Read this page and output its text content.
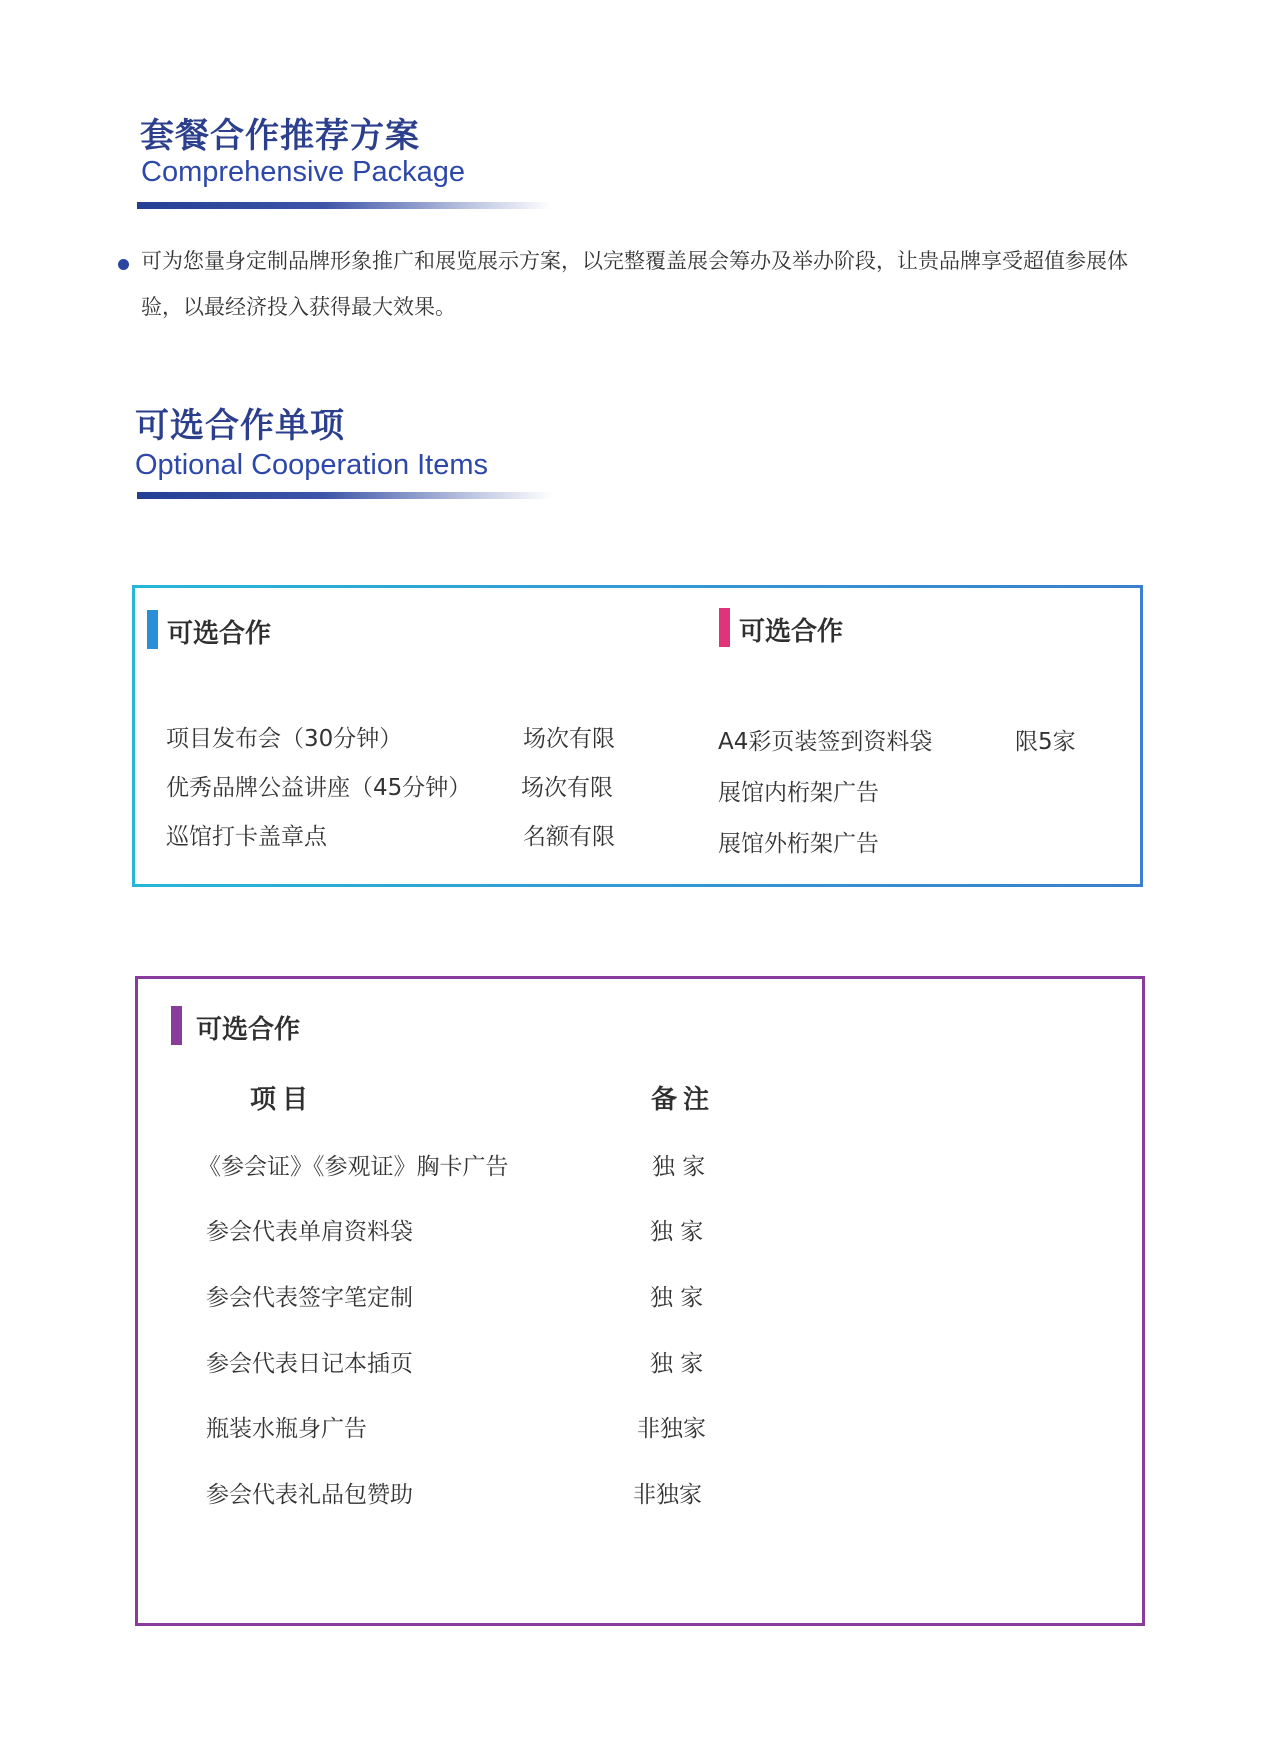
套餐合作推荐方案
Comprehensive Package
可为您量身定制品牌形象推广和展览展示方案，以完整覆盖展会筹办及举办阶段，让贵品牌享受超值参展体验，以最经济投入获得最大效果。
可选合作单项
Optional Cooperation Items
可选合作	可选合作
项目发布会（30分钟）	场次有限
优秀品牌公益讲座（45分钟） 场次有限
巡馆打卡盖章点	名额有限
A4彩页装签到资料袋	限5家
展馆内桁架广告
展馆外桁架广告
可选合作
项目	备注
《参会证》《参观证》胸卡广告	独 家
参会代表单肩资料袋	独 家
参会代表签字笔定制	独 家
参会代表日记本插页	独 家
瓶装水瓶身广告	非独家
参会代表礼品包赞助	非独家
